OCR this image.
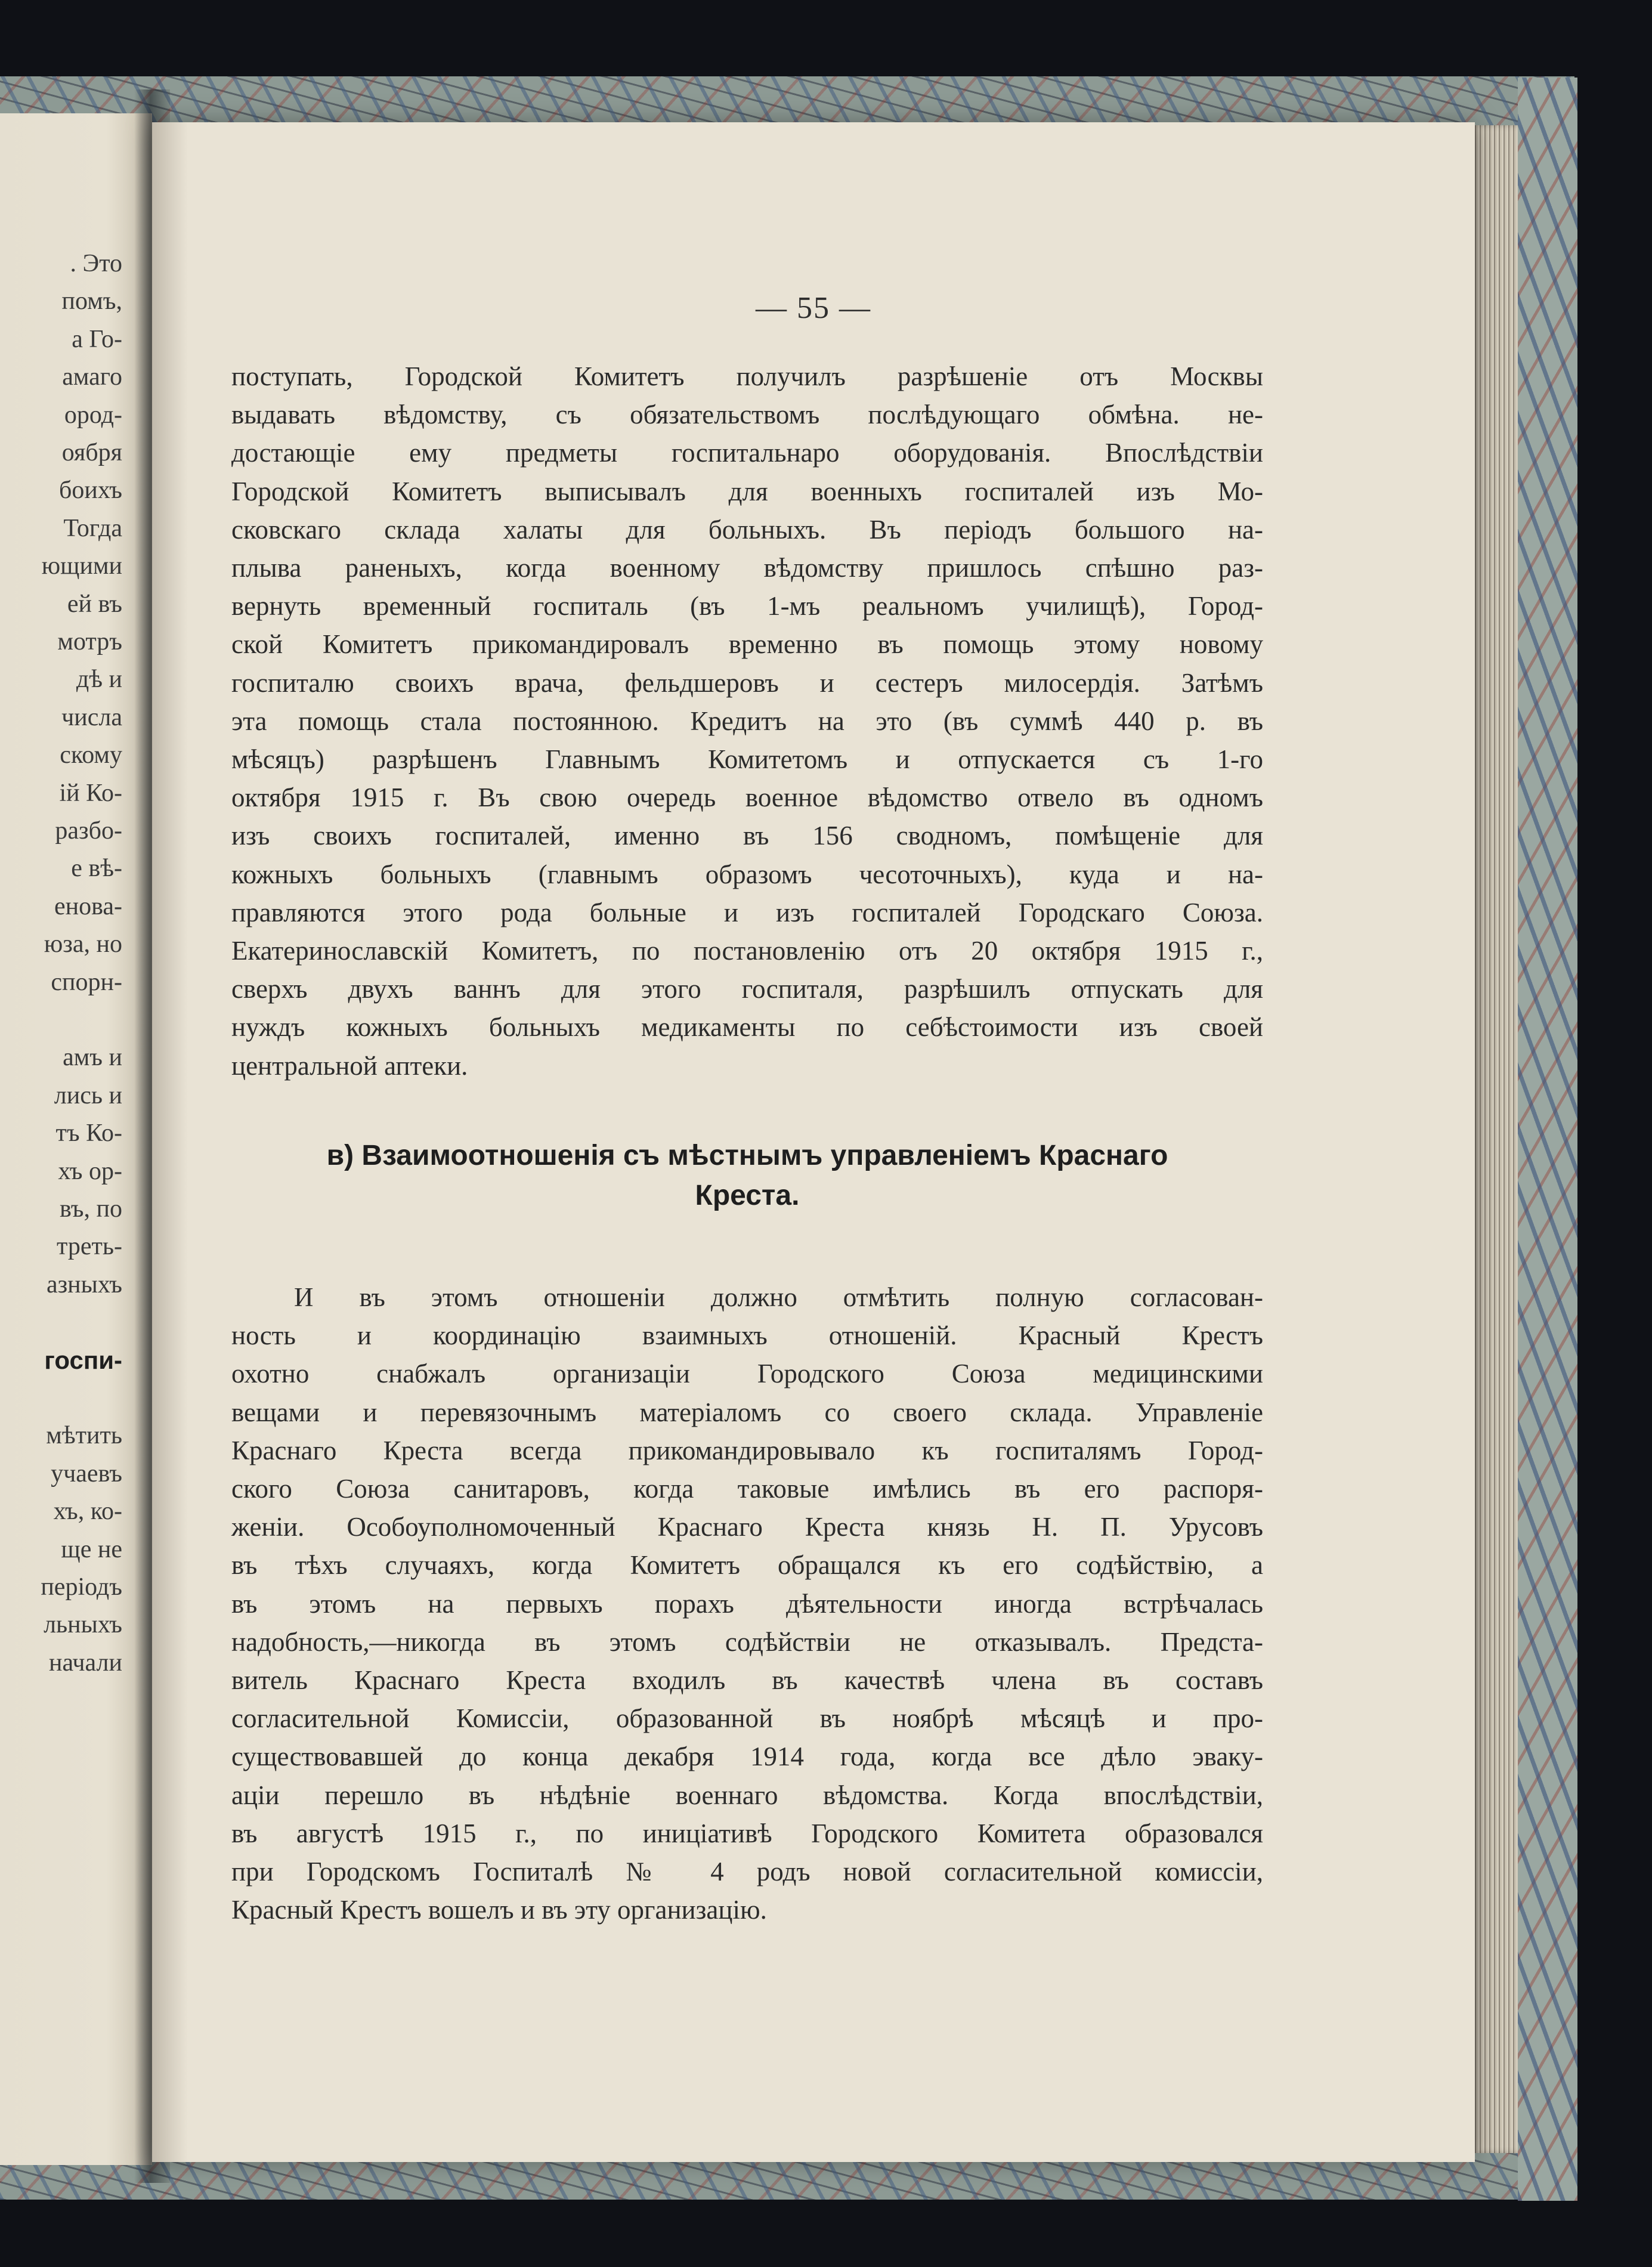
. Это
помъ,
а Го-
амаго
ород-
оября
боихъ
Тогда
ющими
ей въ
мотръ
дѣ и
числа
скому
ій Ко-
разбо-
е вѣ-
енова-
юза, но
спорн-
амъ и
лись и
тъ Ко-
хъ ор-
въ, по
треть-
азныхъ
госпи-
мѣтить
учаевъ
хъ, ко-
ще не
періодъ
льныхъ
начали
— 55 —
поступать, Городской Комитетъ получилъ разрѣшеніе отъ Москвы
выдавать вѣдомству, съ обязательствомъ послѣдующаго обмѣна. не-
достающіе ему предметы госпитальнаро оборудованія. Впослѣдствіи
Городской Комитетъ выписывалъ для военныхъ госпиталей изъ Мо-
сковскаго склада халаты для больныхъ. Въ періодъ большого на-
плыва раненыхъ, когда военному вѣдомству пришлось спѣшно раз-
вернуть временный госпиталь (въ 1-мъ реальномъ училищѣ), Город-
ской Комитетъ прикомандировалъ временно въ помощь этому новому
госпиталю своихъ врача, фельдшеровъ и сестеръ милосердія. Затѣмъ
эта помощь стала постоянною. Кредитъ на это (въ суммѣ 440 р. въ
мѣсяцъ) разрѣшенъ Главнымъ Комитетомъ и отпускается съ 1-го
октября 1915 г. Въ свою очередь военное вѣдомство отвело въ одномъ
изъ своихъ госпиталей, именно въ 156 сводномъ, помѣщеніе для
кожныхъ больныхъ (главнымъ образомъ чесоточныхъ), куда и на-
правляются этого рода больные и изъ госпиталей Городскаго Союза.
Екатеринославскій Комитетъ, по постановленію отъ 20 октября 1915 г.,
сверхъ двухъ ваннъ для этого госпиталя, разрѣшилъ отпускать для
нуждъ кожныхъ больныхъ медикаменты по себѣстоимости изъ своей
центральной аптеки.
в) Взаимоотношенія съ мѣстнымъ управленіемъ Краснаго
Креста.
И въ этомъ отношеніи должно отмѣтить полную согласован-
ность и координацію взаимныхъ отношеній. Красный Крестъ
охотно снабжалъ организаціи Городского Союза медицинскими
вещами и перевязочнымъ матеріаломъ со своего склада. Управленіе
Краснаго Креста всегда прикомандировывало къ госпиталямъ Город-
ского Союза санитаровъ, когда таковые имѣлись въ его распоря-
женіи. Особоуполномоченный Краснаго Креста князь Н. П. Урусовъ
въ тѣхъ случаяхъ, когда Комитетъ обращался къ его содѣйствію, а
въ этомъ на первыхъ порахъ дѣятельности иногда встрѣчалась
надобность,—никогда въ этомъ содѣйствіи не отказывалъ. Предста-
витель Краснаго Креста входилъ въ качествѣ члена въ составъ
согласительной Комиссіи, образованной въ ноябрѣ мѣсяцѣ и про-
существовавшей до конца декабря 1914 года, когда все дѣло эваку-
аціи перешло въ нѣдѣніе военнаго вѣдомства. Когда впослѣдствіи,
въ августѣ 1915 г., по иниціативѣ Городского Комитета образовался
при Городскомъ Госпиталѣ № 4 родъ новой согласительной комиссіи,
Красный Крестъ вошелъ и въ эту организацію.
